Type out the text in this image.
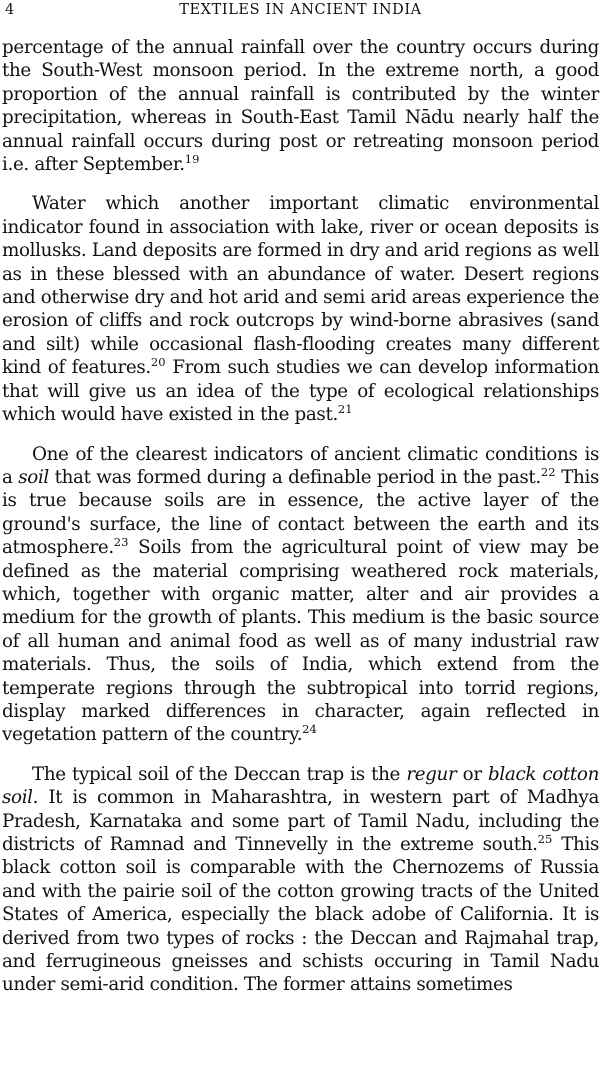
4	TEXTILES IN ANCIENT INDIA

percentage of the annual rainfall over the country occurs during the South-West monsoon period. In the extreme north, a good proportion of the annual rainfall is contributed by the winter precipitation, whereas in South-East Tamil Nādu nearly half the annual rainfall occurs during post or retreating monsoon period i.e. after September.$^{19}$

Water which another important climatic environmental indicator found in association with lake, river or ocean deposits is mollusks. Land deposits are formed in dry and arid regions as well as in these blessed with an abundance of water. Desert regions and otherwise dry and hot arid and semi arid areas experience the erosion of cliffs and rock outcrops by wind-borne abrasives (sand and silt) while occasional flash-flooding creates many different kind of features.$^{20}$ From such studies we can develop information that will give us an idea of the type of ecological relationships which would have existed in the past.$^{21}$

One of the clearest indicators of ancient climatic conditions is a soil that was formed during a definable period in the past.$^{22}$ This is true because soils are in essence, the active layer of the ground's surface, the line of contact between the earth and its atmosphere.$^{23}$ Soils from the agricultural point of view may be defined as the material comprising weathered rock materials, which, together with organic matter, alter and air provides a medium for the growth of plants. This medium is the basic source of all human and animal food as well as of many industrial raw materials. Thus, the soils of India, which extend from the temperate regions through the subtropical into torrid regions, display marked differences in character, again reflected in vegetation pattern of the country.$^{24}$

The typical soil of the Deccan trap is the regur or black cotton soil. It is common in Maharashtra, in western part of Madhya Pradesh, Karnataka and some part of Tamil Nadu, including the districts of Ramnad and Tinnevelly in the extreme south.$^{25}$ This black cotton soil is comparable with the Chernozems of Russia and with the pairie soil of the cotton growing tracts of the United States of America, especially the black adobe of California. It is derived from two types of rocks : the Deccan and Rajmahal trap, and ferrugineous gneisses and schists occuring in Tamil Nadu under semi-arid condition. The former attains sometimes
